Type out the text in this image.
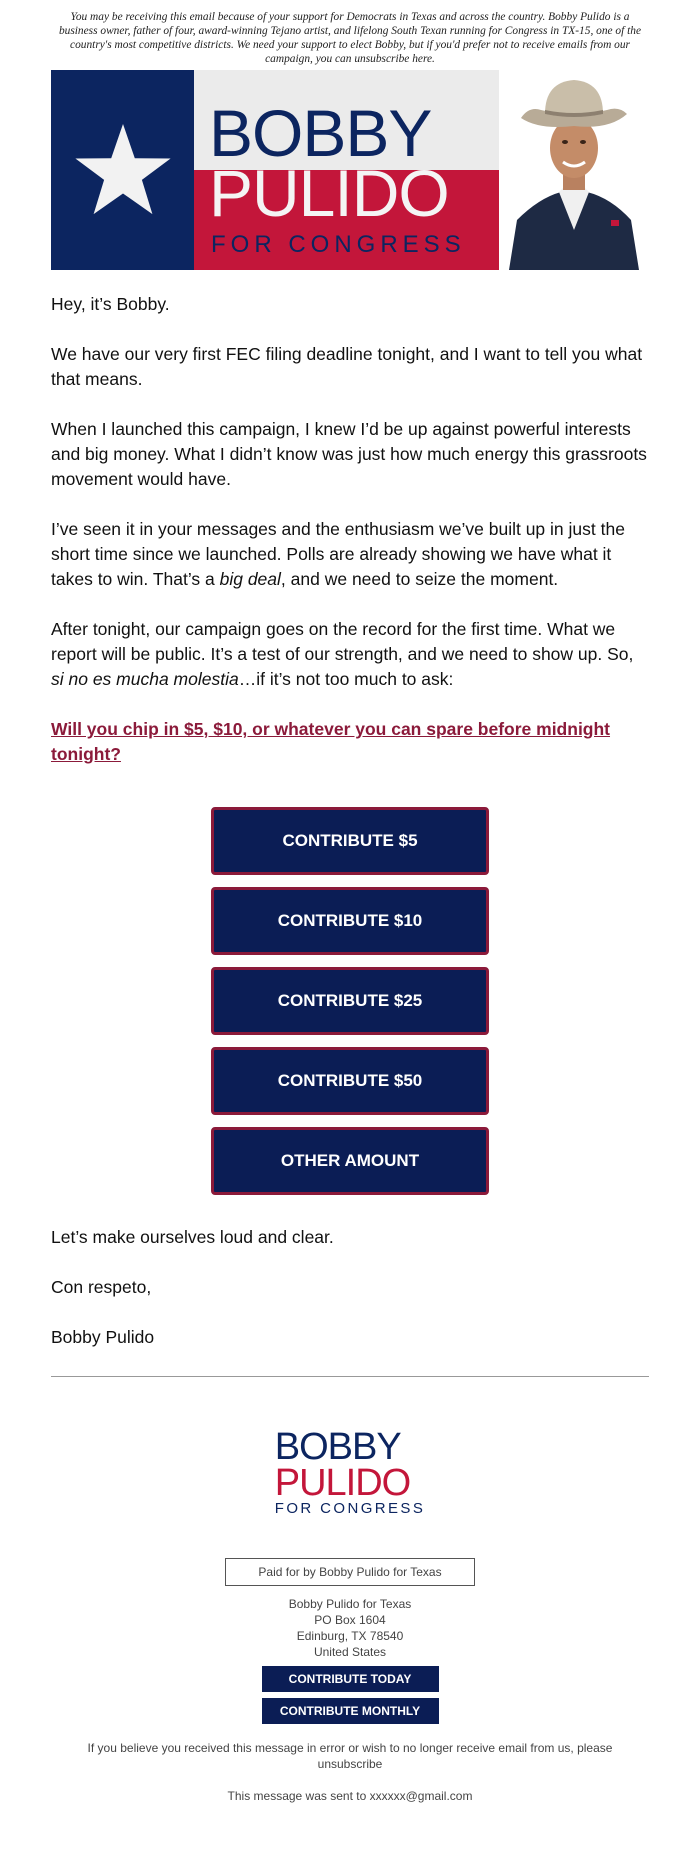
You may be receiving this email because of your support for Democrats in Texas and across the country. Bobby Pulido is a business owner, father of four, award-winning Tejano artist, and lifelong South Texan running for Congress in TX-15, one of the country's most competitive districts. We need your support to elect Bobby, but if you'd prefer not to receive emails from our campaign, you can unsubscribe here.
BOBBY
PULIDO
FOR CONGRESS

Hey, it’s Bobby.

We have our very first FEC filing deadline tonight, and I want to tell you what that means.

When I launched this campaign, I knew I’d be up against powerful interests and big money. What I didn’t know was just how much energy this grassroots movement would have.

I’ve seen it in your messages and the enthusiasm we’ve built up in just the short time since we launched. Polls are already showing we have what it takes to win. That’s a big deal, and we need to seize the moment.

After tonight, our campaign goes on the record for the first time. What we report will be public. It’s a test of our strength, and we need to show up. So, si no es mucha molestia…if it’s not too much to ask:

Will you chip in $5, $10, or whatever you can spare before midnight tonight?
CONTRIBUTE $5
CONTRIBUTE $10
CONTRIBUTE $25
CONTRIBUTE $50
OTHER AMOUNT

Let’s make ourselves loud and clear.

Con respeto,

Bobby Pulido

BOBBY
PULIDO
FOR CONGRESS
Paid for by Bobby Pulido for Texas
Bobby Pulido for Texas
PO Box 1604
Edinburg, TX 78540
United States
CONTRIBUTE TODAY
CONTRIBUTE MONTHLY
If you believe you received this message in error or wish to no longer receive email from us, please
unsubscribe
This message was sent to xxxxxx@gmail.com
